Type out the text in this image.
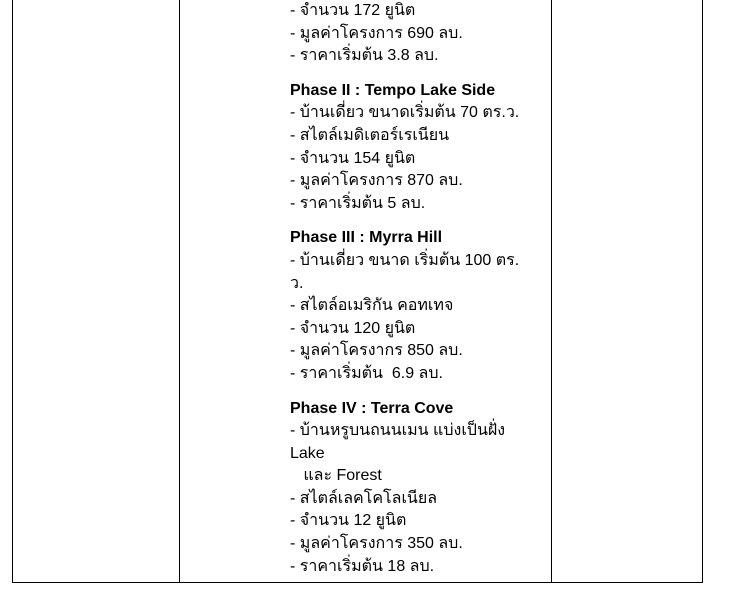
- จำนวน 172 ยูนิต
- มูลค่าโครงการ 690 ลบ.
- ราคาเริ่มต้น 3.8 ลบ.
Phase II : Tempo Lake Side
- บ้านเดี่ยว ขนาดเริ่มต้น 70 ตร.ว.
- สไตล์เมดิเตอร์เรเนียน
- จำนวน 154 ยูนิต
- มูลค่าโครงการ 870 ลบ.
- ราคาเริ่มต้น 5 ลบ.
Phase III : Myrra Hill
- บ้านเดี่ยว ขนาด เริ่มต้น 100 ตร.
ว.
- สไตล์อเมริกัน คอทเทจ
- จำนวน 120 ยูนิต
- มูลค่าโครงากร 850 ลบ.
- ราคาเริ่มต้น  6.9 ลบ.
Phase IV : Terra Cove
- บ้านหรูบนถนนเมน แบ่งเป็นฝั่ง
Lake
และ Forest
- สไตล์เลคโคโลเนียล
- จำนวน 12 ยูนิต
- มูลค่าโครงการ 350 ลบ.
- ราคาเริ่มต้น 18 ลบ.
